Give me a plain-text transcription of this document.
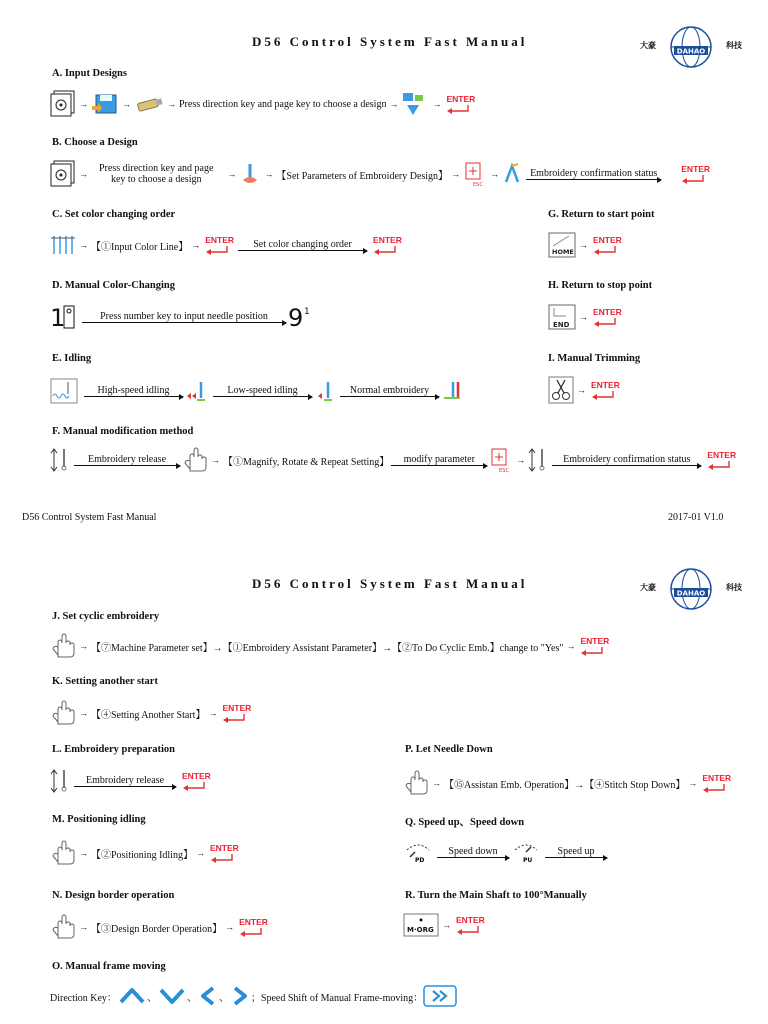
D56 Control System Fast Manual	大豪
DAHAO
科技
A. Input Designs
→	→	→ Press direction key and page key to choose a design →	→
ENTER
B. Choose a Design
→ Press direction key and page
key to choose a design	→	→ 【Set Parameters of Embroidery Design】 →
ESC
→	Embroidery confirmation status	ENTER
C. Set color changing order
→ 【①Input Color Line】 →
ENTER Set color changing order ENTER
D. Manual Color-Changing
1	Press number key to input needle position 9 1
E. Idling
High-speed idling	Low-speed idling	Normal embroidery
G. Return to start point
HOME
→
ENTER
H. Return to stop point
END
→
ENTER
I. Manual Trimming
→
ENTER
F. Manual modification method
Embroidery release	→ 【①Magnify, Rotate & Repeat Setting】 modify parameter
ESC
→	Embroidery confirmation status ENTER
D56 Control System Fast Manual	2017-01 V1.0
D56 Control System Fast Manual	大豪
DAHAO
科技
J. Set cyclic embroidery
→ 【⑦Machine Parameter set】→【①Embroidery Assistant Parameter】→【②To Do Cyclic Emb.】change to "Yes" →
ENTER
K. Setting another start
→ 【④Setting Another Start】 →
ENTER
L. Embroidery preparation
Embroidery release ENTER
M. Positioning idling
→ 【②Positioning Idling】 →
ENTER
N. Design border operation
→ 【③Design Border Operation】 →
ENTER
O. Manual frame moving
Direction Key：	、	、 、 ；Speed Shift of Manual Frame-moving：
P. Let Needle Down
→ 【⑮Assistan Emb. Operation】→【④Stitch Stop Down】 →
ENTER
Q. Speed up、Speed down
PD
Speed down
PU
Speed up
R. Turn the Main Shaft to 100°Manually
M·ORG →
ENTER
